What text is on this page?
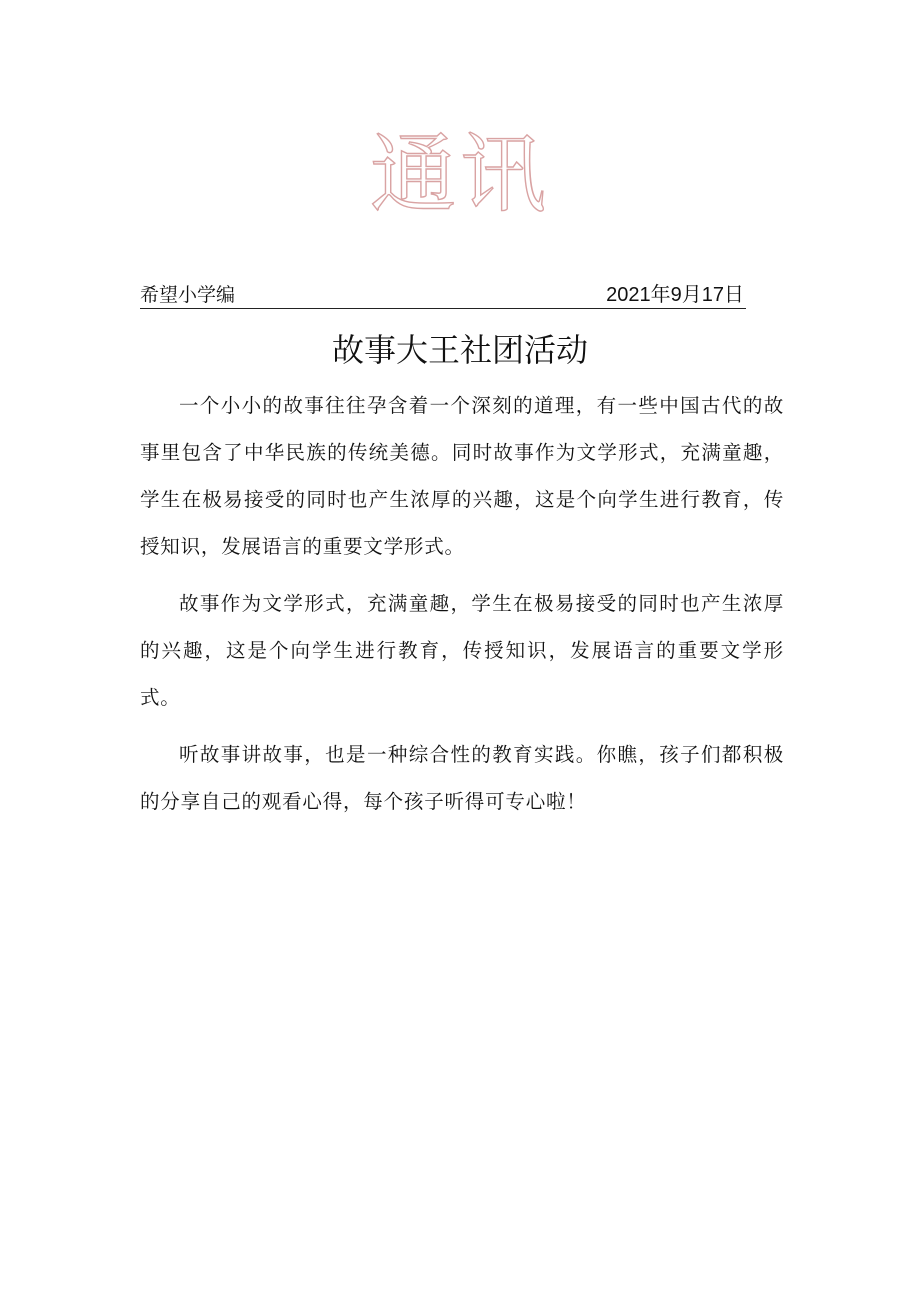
通讯
希望小学编	2021年9月17日
故事大王社团活动

一个小小的故事往往孕含着一个深刻的道理，有一些中国古代的故事里包含了中华民族的传统美德。同时故事作为文学形式，充满童趣，学生在极易接受的同时也产生浓厚的兴趣，这是个向学生进行教育，传授知识，发展语言的重要文学形式。

故事作为文学形式，充满童趣，学生在极易接受的同时也产生浓厚的兴趣，这是个向学生进行教育，传授知识，发展语言的重要文学形式。

听故事讲故事，也是一种综合性的教育实践。你瞧，孩子们都积极的分享自己的观看心得，每个孩子听得可专心啦！
